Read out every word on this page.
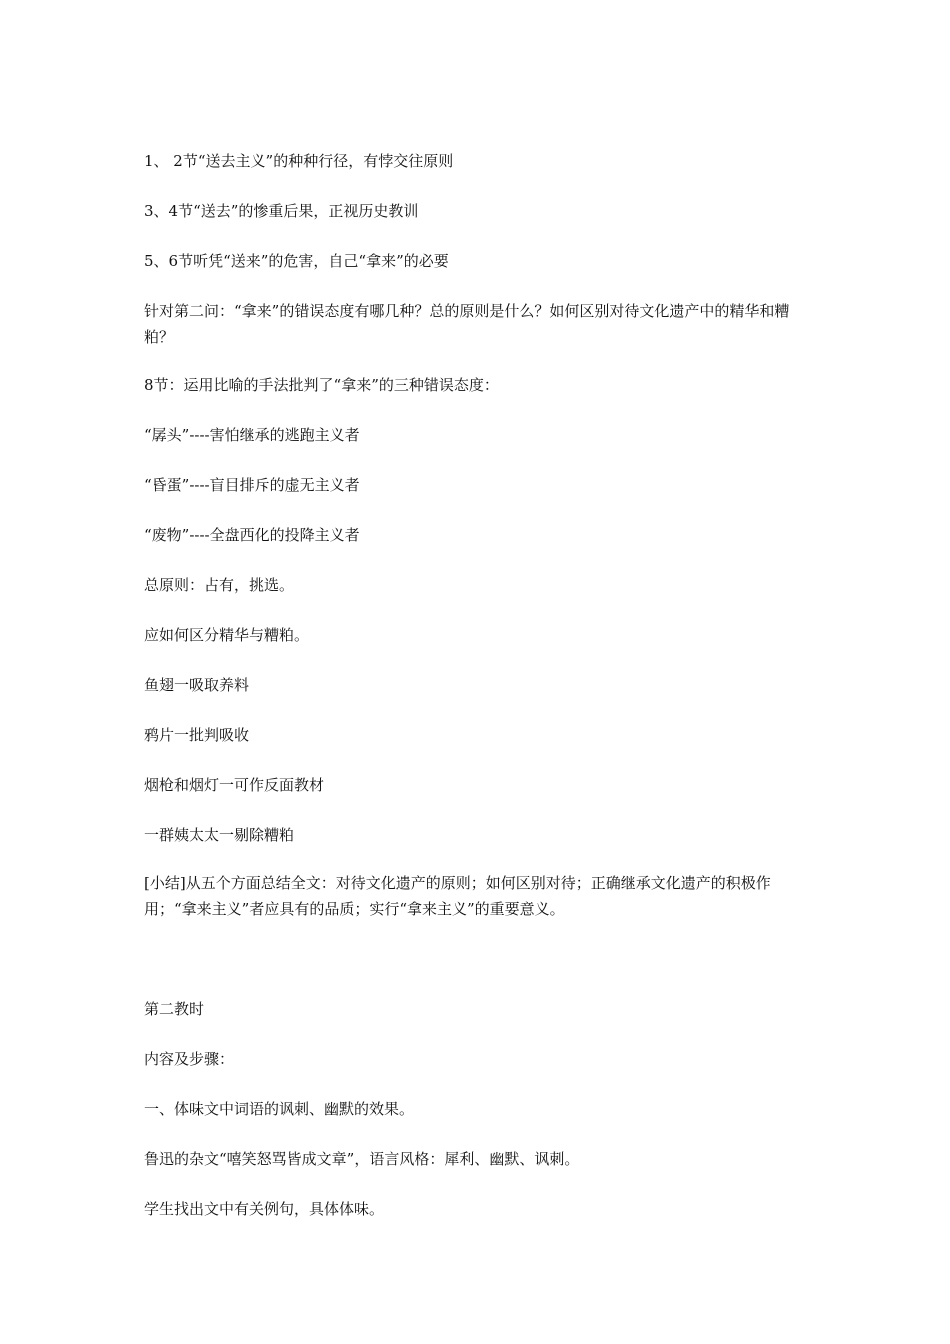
1、 2节“送去主义”的种种行径，有悖交往原则
3、4节“送去”的惨重后果，正视历史教训
5、6节听凭“送来”的危害，自己“拿来”的必要
针对第二问：“拿来”的错误态度有哪几种？总的原则是什么？如何区别对待文化遗产中的精华和糟粕？
8节：运用比喻的手法批判了“拿来”的三种错误态度：
“孱头”----害怕继承的逃跑主义者
“昏蛋”----盲目排斥的虚无主义者
“废物”----全盘西化的投降主义者
总原则：占有，挑选。
应如何区分精华与糟粕。
鱼翅一吸取养料
鸦片一批判吸收
烟枪和烟灯一可作反面教材
一群姨太太一剔除糟粕
[小结]从五个方面总结全文：对待文化遗产的原则；如何区别对待；正确继承文化遗产的积极作用；“拿来主义”者应具有的品质；实行“拿来主义”的重要意义。
第二教时
内容及步骤：
一、体味文中词语的讽刺、幽默的效果。
鲁迅的杂文“嘻笑怒骂皆成文章”，语言风格：犀利、幽默、讽刺。
学生找出文中有关例句，具体体味。
